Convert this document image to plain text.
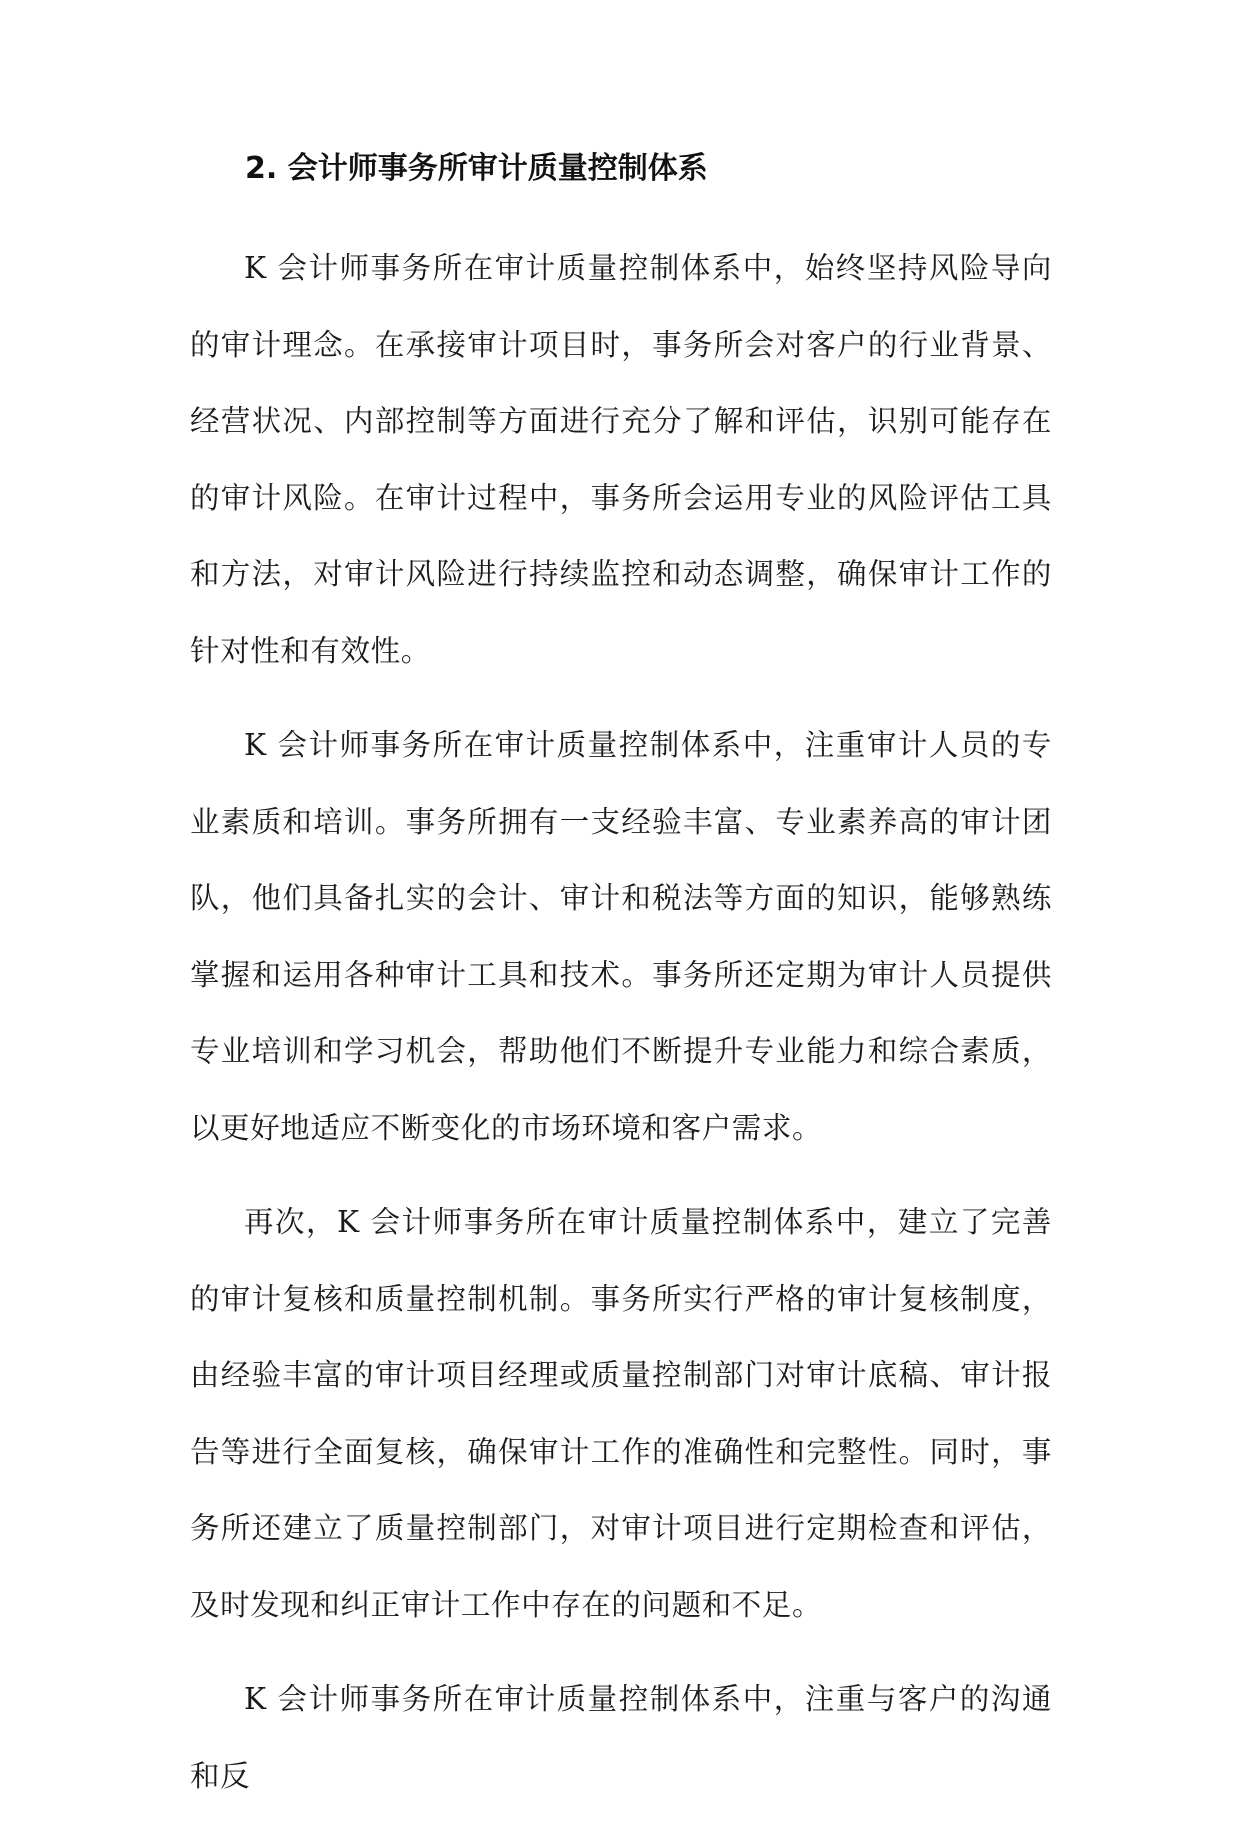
2. 会计师事务所审计质量控制体系

K 会计师事务所在审计质量控制体系中，始终坚持风险导向的审计理念。在承接审计项目时，事务所会对客户的行业背景、经营状况、内部控制等方面进行充分了解和评估，识别可能存在的审计风险。在审计过程中，事务所会运用专业的风险评估工具和方法，对审计风险进行持续监控和动态调整，确保审计工作的针对性和有效性。

K 会计师事务所在审计质量控制体系中，注重审计人员的专业素质和培训。事务所拥有一支经验丰富、专业素养高的审计团队，他们具备扎实的会计、审计和税法等方面的知识，能够熟练掌握和运用各种审计工具和技术。事务所还定期为审计人员提供专业培训和学习机会，帮助他们不断提升专业能力和综合素质，以更好地适应不断变化的市场环境和客户需求。

再次，K 会计师事务所在审计质量控制体系中，建立了完善的审计复核和质量控制机制。事务所实行严格的审计复核制度，由经验丰富的审计项目经理或质量控制部门对审计底稿、审计报告等进行全面复核，确保审计工作的准确性和完整性。同时，事务所还建立了质量控制部门，对审计项目进行定期检查和评估，及时发现和纠正审计工作中存在的问题和不足。

K 会计师事务所在审计质量控制体系中，注重与客户的沟通和反
